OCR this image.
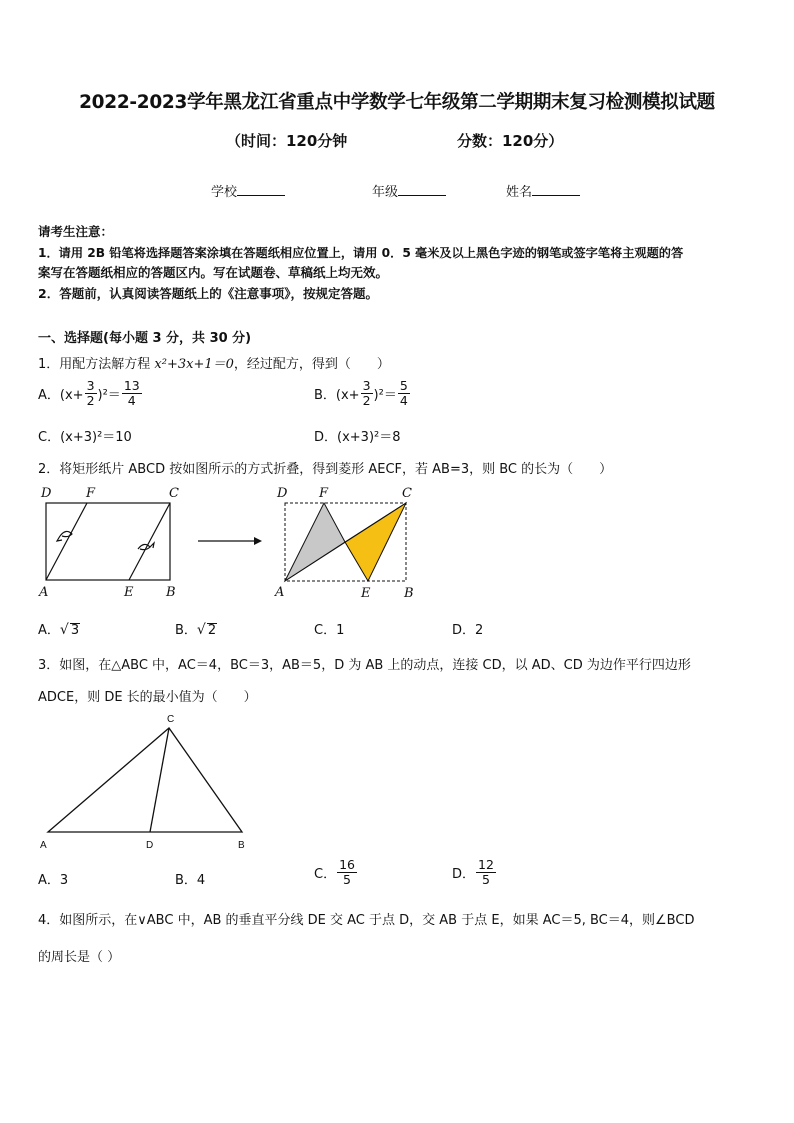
2022-2023学年黑龙江省重点中学数学七年级第二学期期末复习检测模拟试题
（时间：120分钟	分数：120分）
学校	年级	姓名
请考生注意：
1．请用 2B 铅笔将选择题答案涂填在答题纸相应位置上，请用 0．5 毫米及以上黑色字迹的钢笔或签字笔将主观题的答
案写在答题纸相应的答题区内。写在试题卷、草稿纸上均无效。
2．答题前，认真阅读答题纸上的《注意事项》，按规定答题。
一、选择题(每小题 3 分，共 30 分)
1．用配方法解方程 x²+3x+1＝0，经过配方，得到（　　）
A．$(x+ \frac{3}{2} )^2= \frac{13}{4}$	B．$(x+ \frac{3}{2} )^2= \frac{5}{4}$
C．(x+3)²＝10	D．(x+3)²＝8
2．将矩形纸片 ABCD 按如图所示的方式折叠，得到菱形 AECF，若 AB=3，则 BC 的长为（　　）
D	F	C
A	E	B
D F	C
A	E	B
A．√ 3	B．√ 2	C．1	D．2
3．如图，在△ABC 中，AC＝4，BC＝3，AB＝5，D 为 AB 上的动点，连接 CD，以 AD、CD 为边作平行四边形
ADCE，则 DE 长的最小值为（　　）
C
A	D	B
A．3	B．4	C． $\frac{16}{5}$	D． $\frac{12}{5}$
4．如图所示，在∨ABC 中，AB 的垂直平分线 DE 交 AC 于点 D，交 AB 于点 E，如果 AC＝5, BC＝4，则∠BCD
的周长是（ ）
